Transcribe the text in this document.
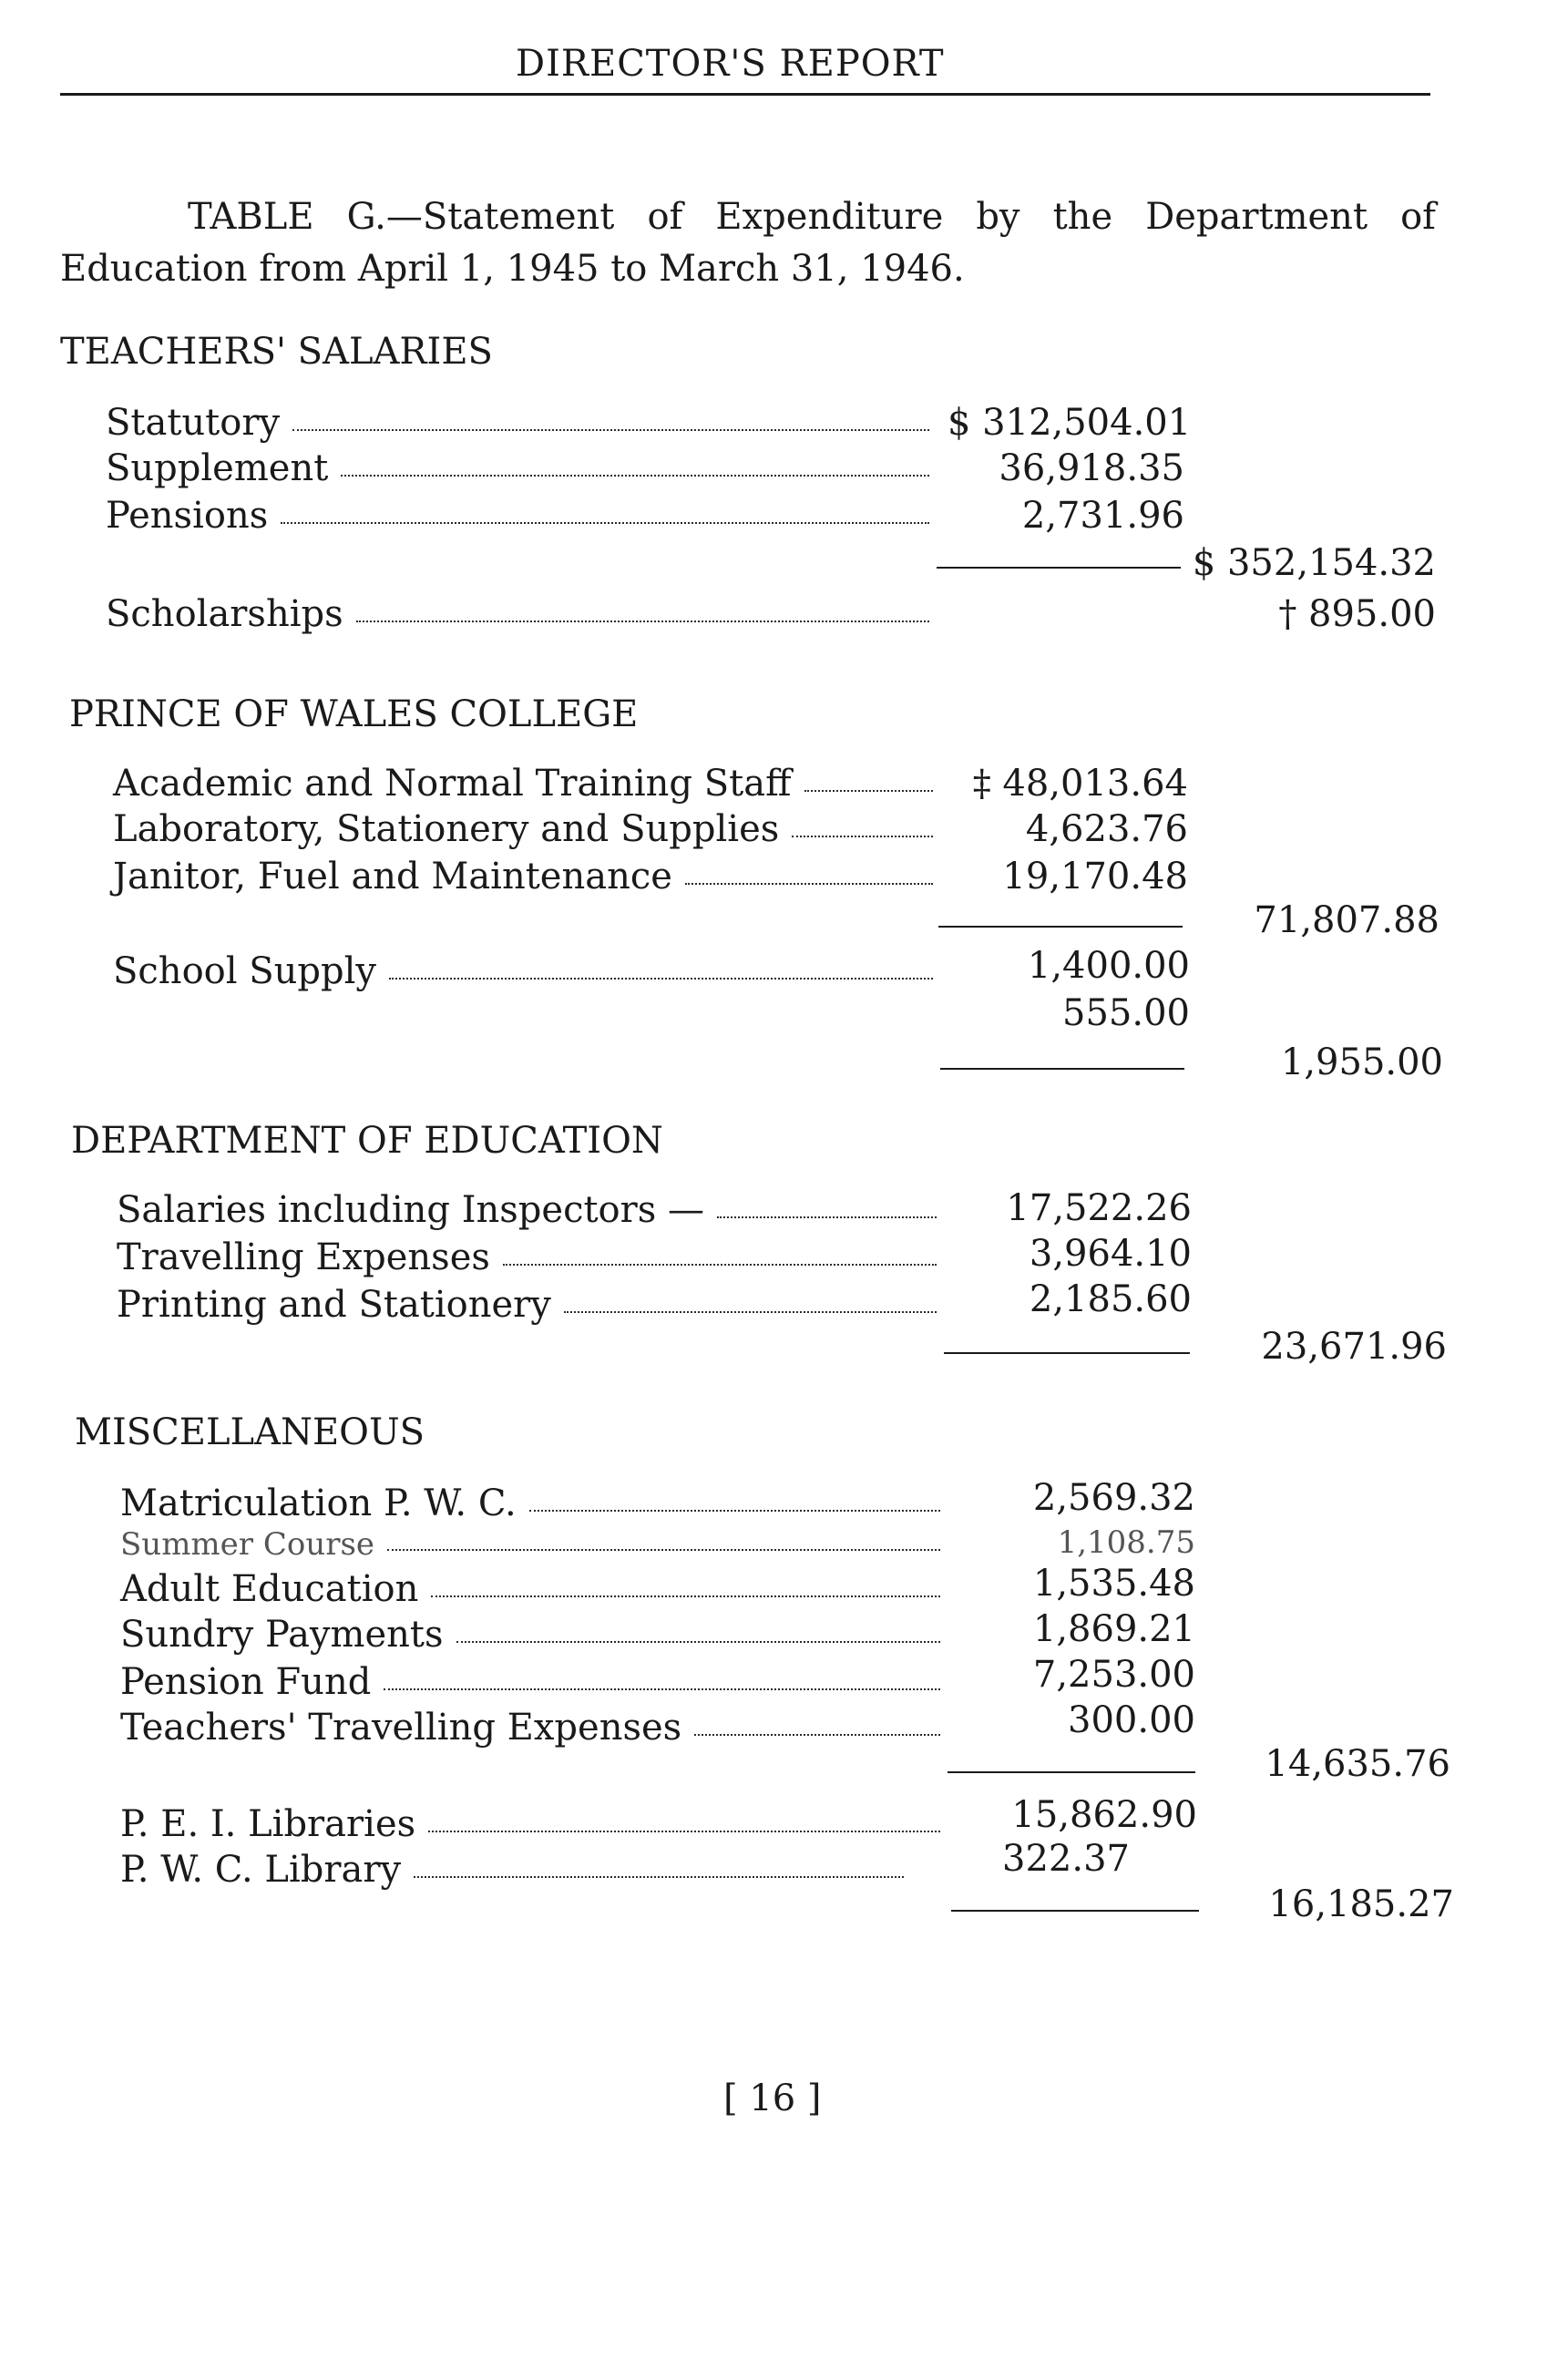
DIRECTOR'S REPORT
TABLE G.—Statement of Expenditure by the Department of Education from April 1, 1945 to March 31, 1946.
TEACHERS' SALARIES
Statutory	$ 312,504.01
Supplement	36,918.35
Pensions	2,731.96
$ 352,154.32
Scholarships	† 895.00
PRINCE OF WALES COLLEGE
Academic and Normal Training Staff	‡ 48,013.64
Laboratory, Stationery and Supplies	4,623.76
Janitor, Fuel and Maintenance	19,170.48
71,807.88
School Supply	1,400.00
555.00
1,955.00
DEPARTMENT OF EDUCATION
Salaries including Inspectors —	17,522.26
Travelling Expenses	3,964.10
Printing and Stationery	2,185.60
23,671.96
MISCELLANEOUS
Matriculation P. W. C.	2,569.32
Summer Course	1,108.75
Adult Education	1,535.48
Sundry Payments	1,869.21
Pension Fund	7,253.00
Teachers' Travelling Expenses	300.00
14,635.76
P. E. I. Libraries	15,862.90
P. W. C. Library	322.37
16,185.27
[ 16 ]
